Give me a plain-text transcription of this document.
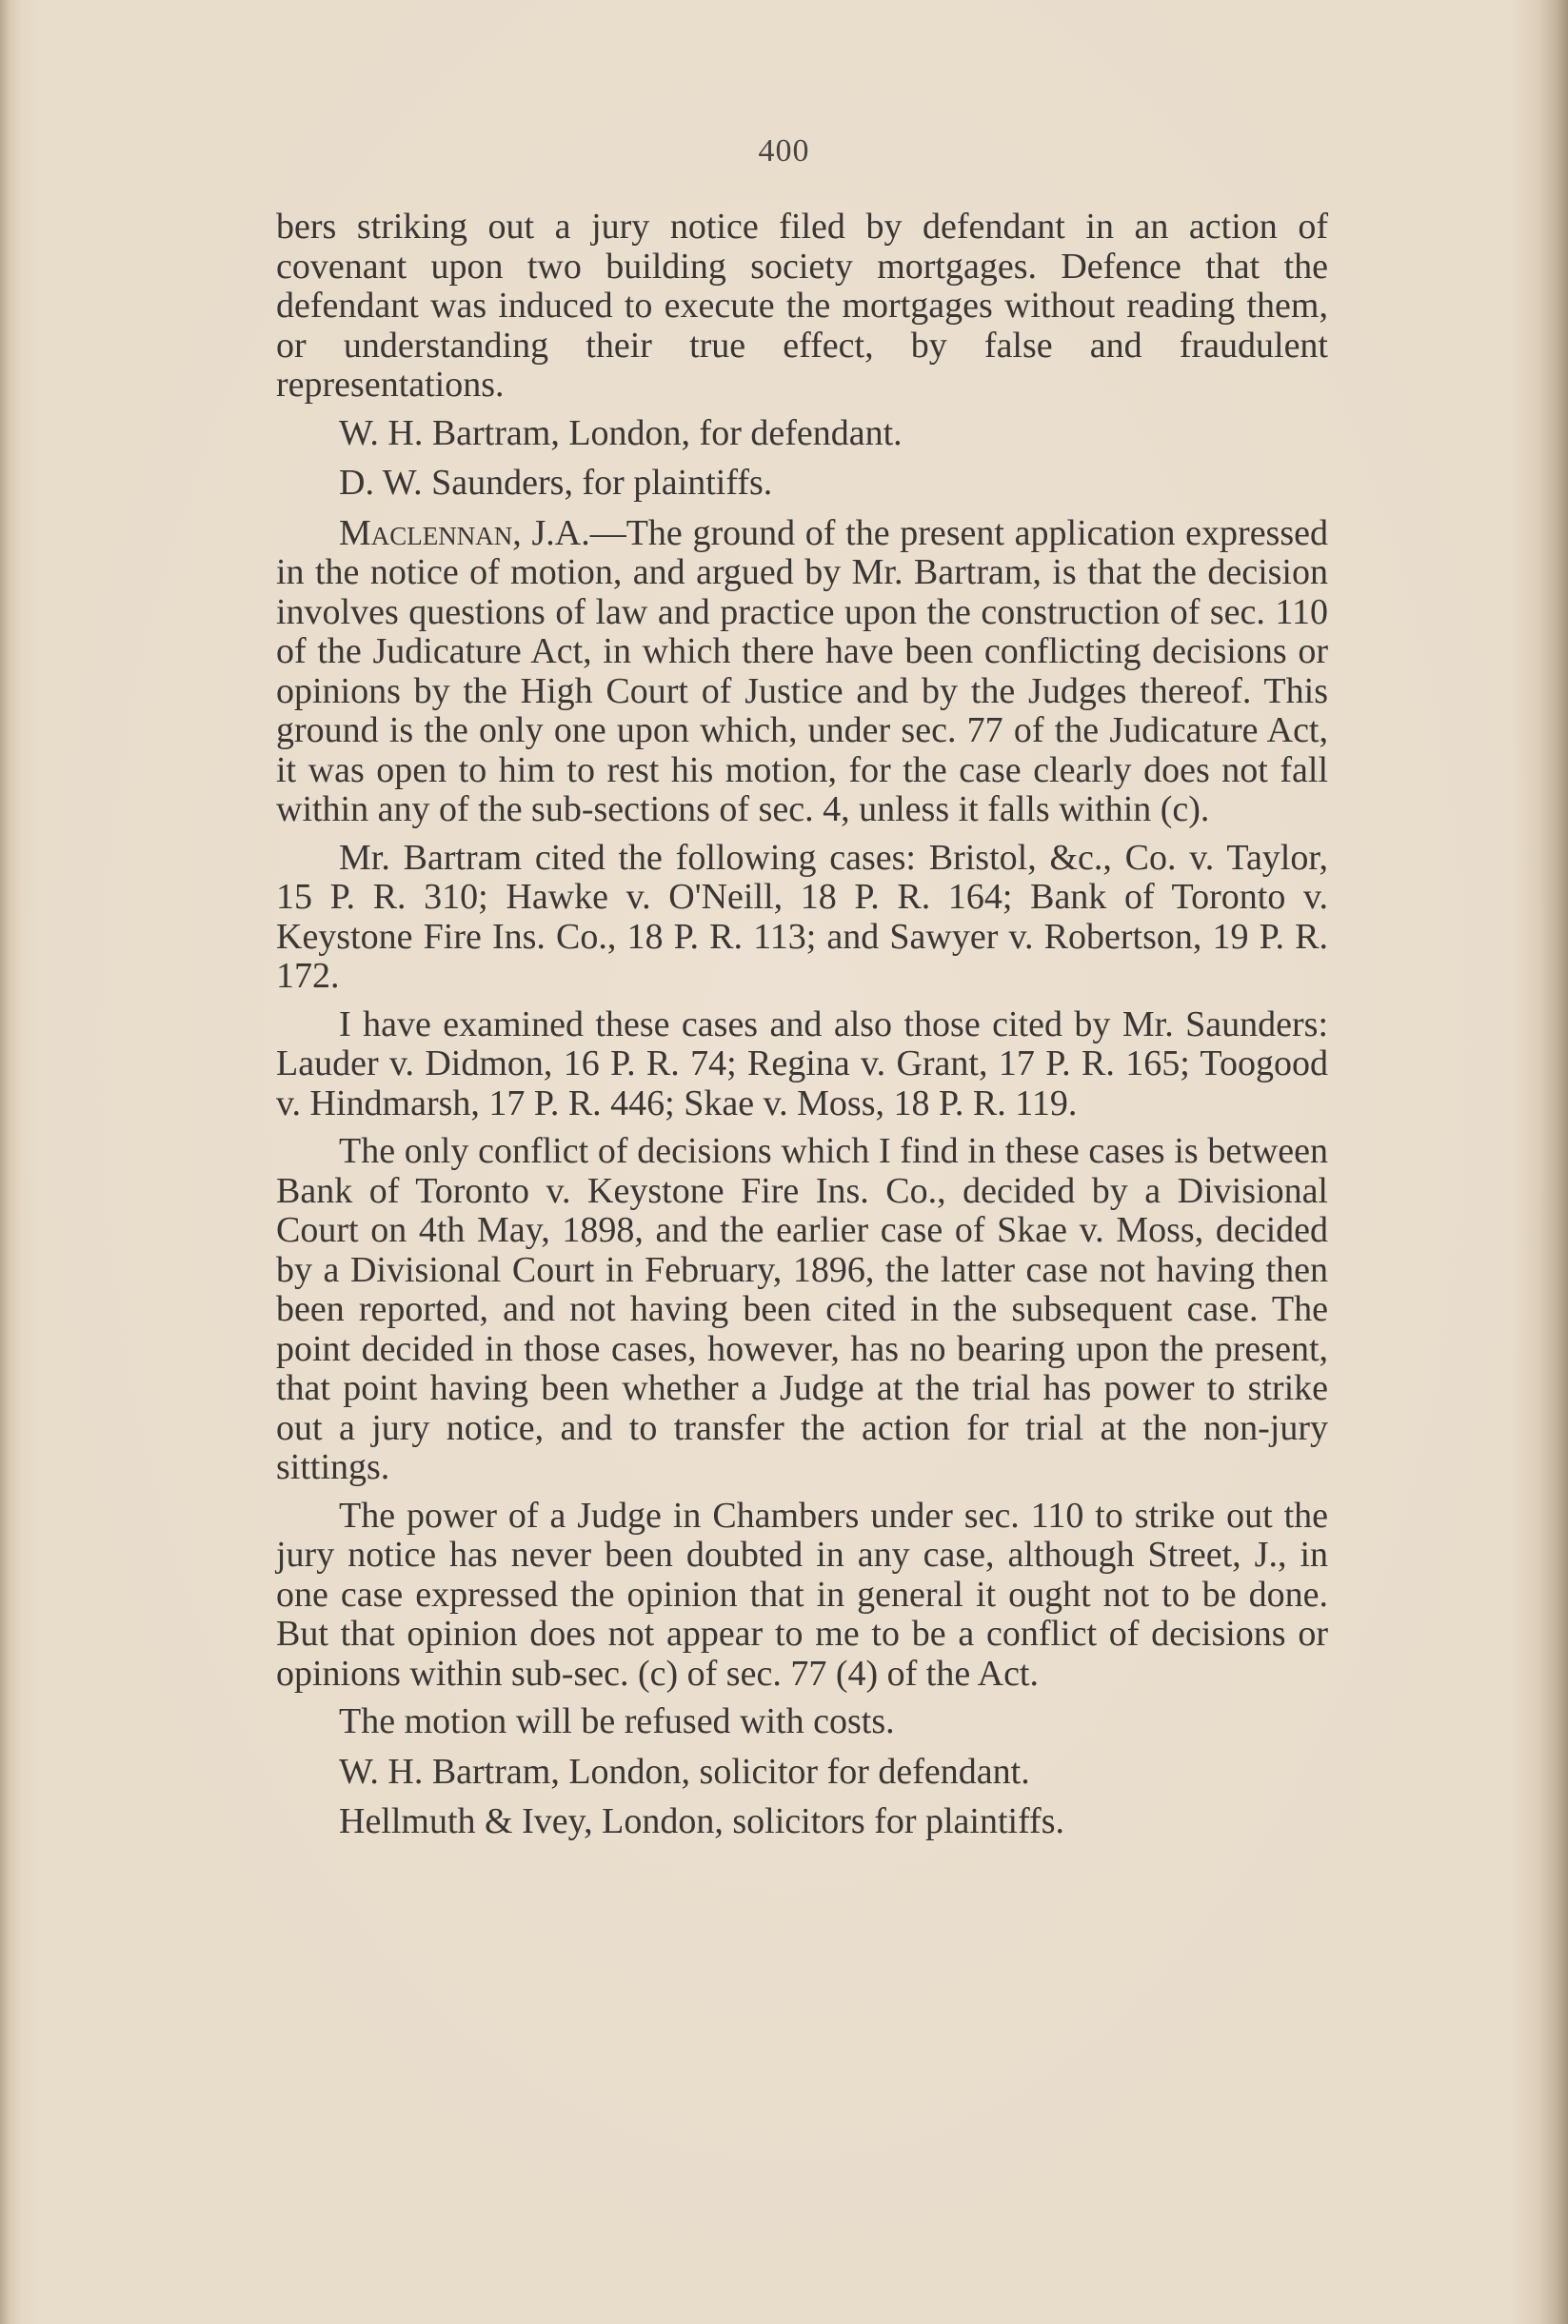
400

bers striking out a jury notice filed by defendant in an action of covenant upon two building society mortgages. Defence that the defendant was induced to execute the mortgages without reading them, or understanding their true effect, by false and fraudulent representations.

W. H. Bartram, London, for defendant.

D. W. Saunders, for plaintiffs.

Maclennan, J.A.—The ground of the present application expressed in the notice of motion, and argued by Mr. Bartram, is that the decision involves questions of law and practice upon the construction of sec. 110 of the Judicature Act, in which there have been conflicting decisions or opinions by the High Court of Justice and by the Judges thereof. This ground is the only one upon which, under sec. 77 of the Judicature Act, it was open to him to rest his motion, for the case clearly does not fall within any of the sub-sections of sec. 4, unless it falls within (c).

Mr. Bartram cited the following cases: Bristol, &c., Co. v. Taylor, 15 P. R. 310; Hawke v. O'Neill, 18 P. R. 164; Bank of Toronto v. Keystone Fire Ins. Co., 18 P. R. 113; and Sawyer v. Robertson, 19 P. R. 172.

I have examined these cases and also those cited by Mr. Saunders: Lauder v. Didmon, 16 P. R. 74; Regina v. Grant, 17 P. R. 165; Toogood v. Hindmarsh, 17 P. R. 446; Skae v. Moss, 18 P. R. 119.

The only conflict of decisions which I find in these cases is between Bank of Toronto v. Keystone Fire Ins. Co., decided by a Divisional Court on 4th May, 1898, and the earlier case of Skae v. Moss, decided by a Divisional Court in February, 1896, the latter case not having then been reported, and not having been cited in the subsequent case. The point decided in those cases, however, has no bearing upon the present, that point having been whether a Judge at the trial has power to strike out a jury notice, and to transfer the action for trial at the non-jury sittings.

The power of a Judge in Chambers under sec. 110 to strike out the jury notice has never been doubted in any case, although Street, J., in one case expressed the opinion that in general it ought not to be done. But that opinion does not appear to me to be a conflict of decisions or opinions within sub-sec. (c) of sec. 77 (4) of the Act.

The motion will be refused with costs.

W. H. Bartram, London, solicitor for defendant.

Hellmuth & Ivey, London, solicitors for plaintiffs.
